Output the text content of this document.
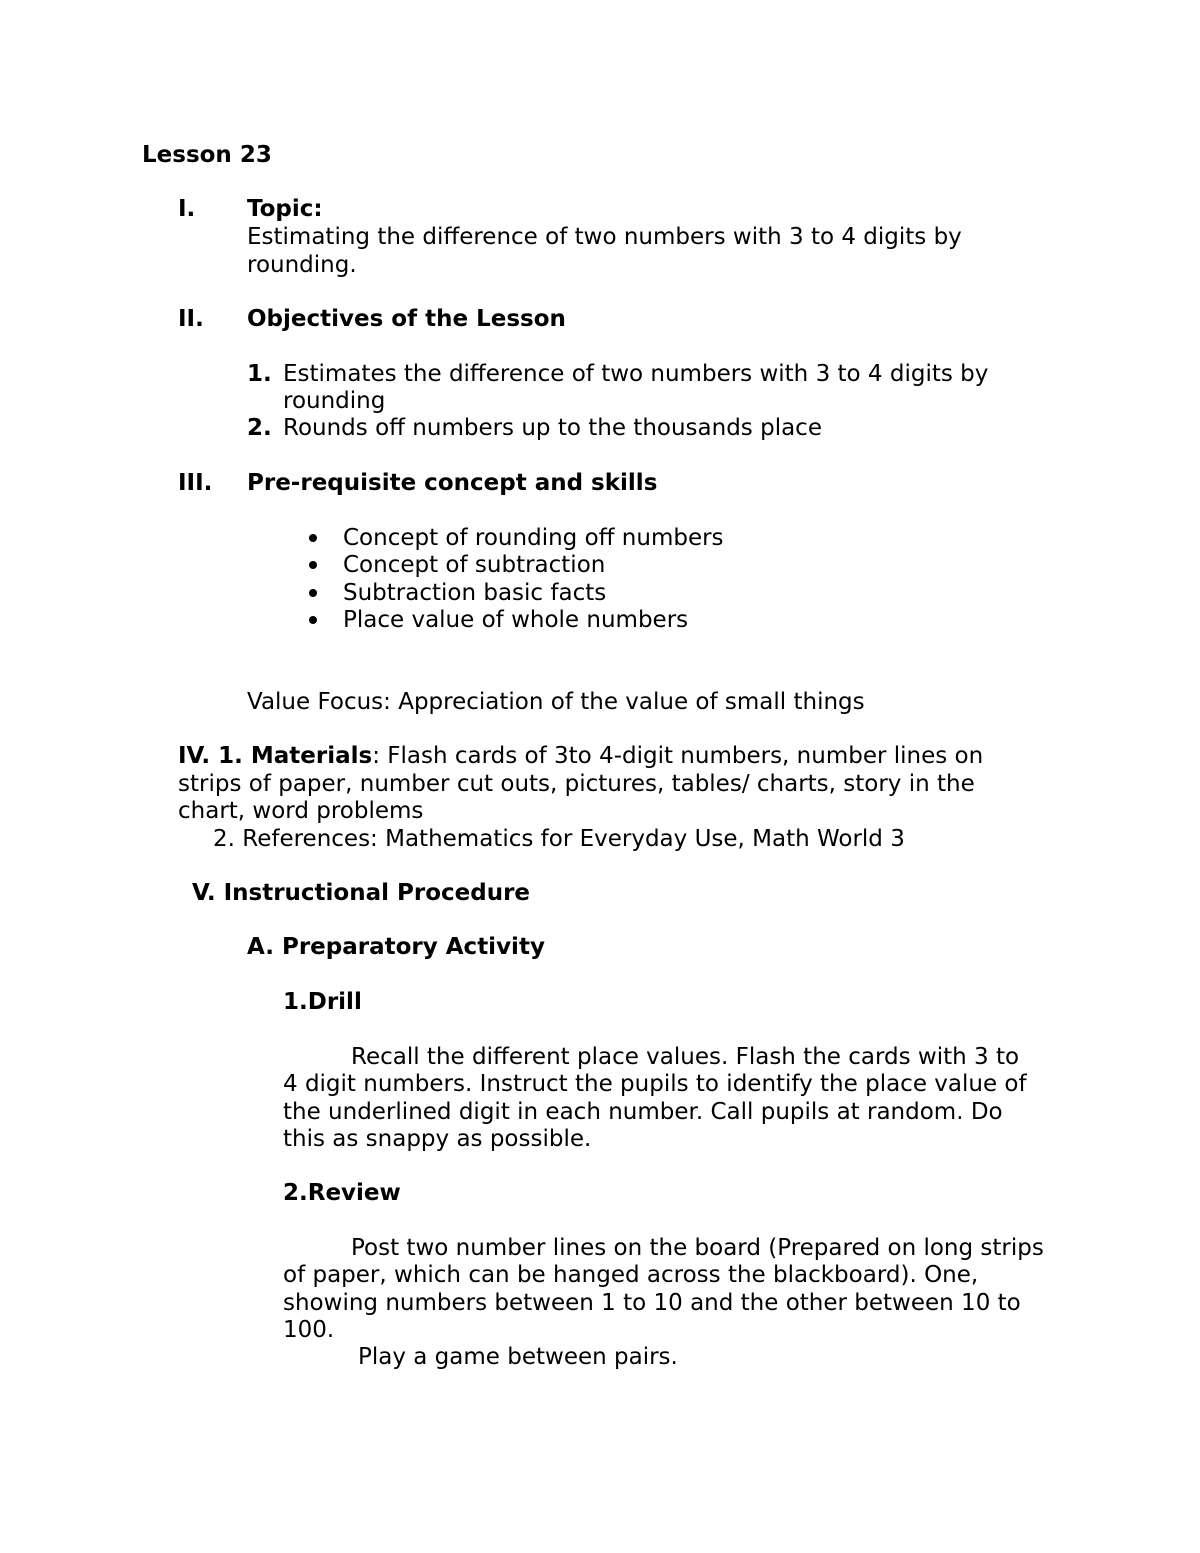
Lesson 23
I. Topic:
Estimating the difference of two numbers with 3 to 4 digits by
rounding.
II. Objectives of the Lesson
1. Estimates the difference of two numbers with 3 to 4 digits by
rounding
2. Rounds off numbers up to the thousands place
III. Pre-requisite concept and skills
Concept of rounding off numbers
Concept of subtraction
Subtraction basic facts
Place value of whole numbers
Value Focus: Appreciation of the value of small things
IV. 1. Materials: Flash cards of 3to 4-digit numbers, number lines on
strips of paper, number cut outs, pictures, tables/ charts, story in the
chart, word problems
2. References: Mathematics for Everyday Use, Math World 3
V. Instructional Procedure
A. Preparatory Activity
1.Drill
Recall the different place values. Flash the cards with 3 to
4 digit numbers. Instruct the pupils to identify the place value of
the underlined digit in each number. Call pupils at random. Do
this as snappy as possible.
2.Review
Post two number lines on the board (Prepared on long strips
of paper, which can be hanged across the blackboard). One,
showing numbers between 1 to 10 and the other between 10 to
100.
Play a game between pairs.
